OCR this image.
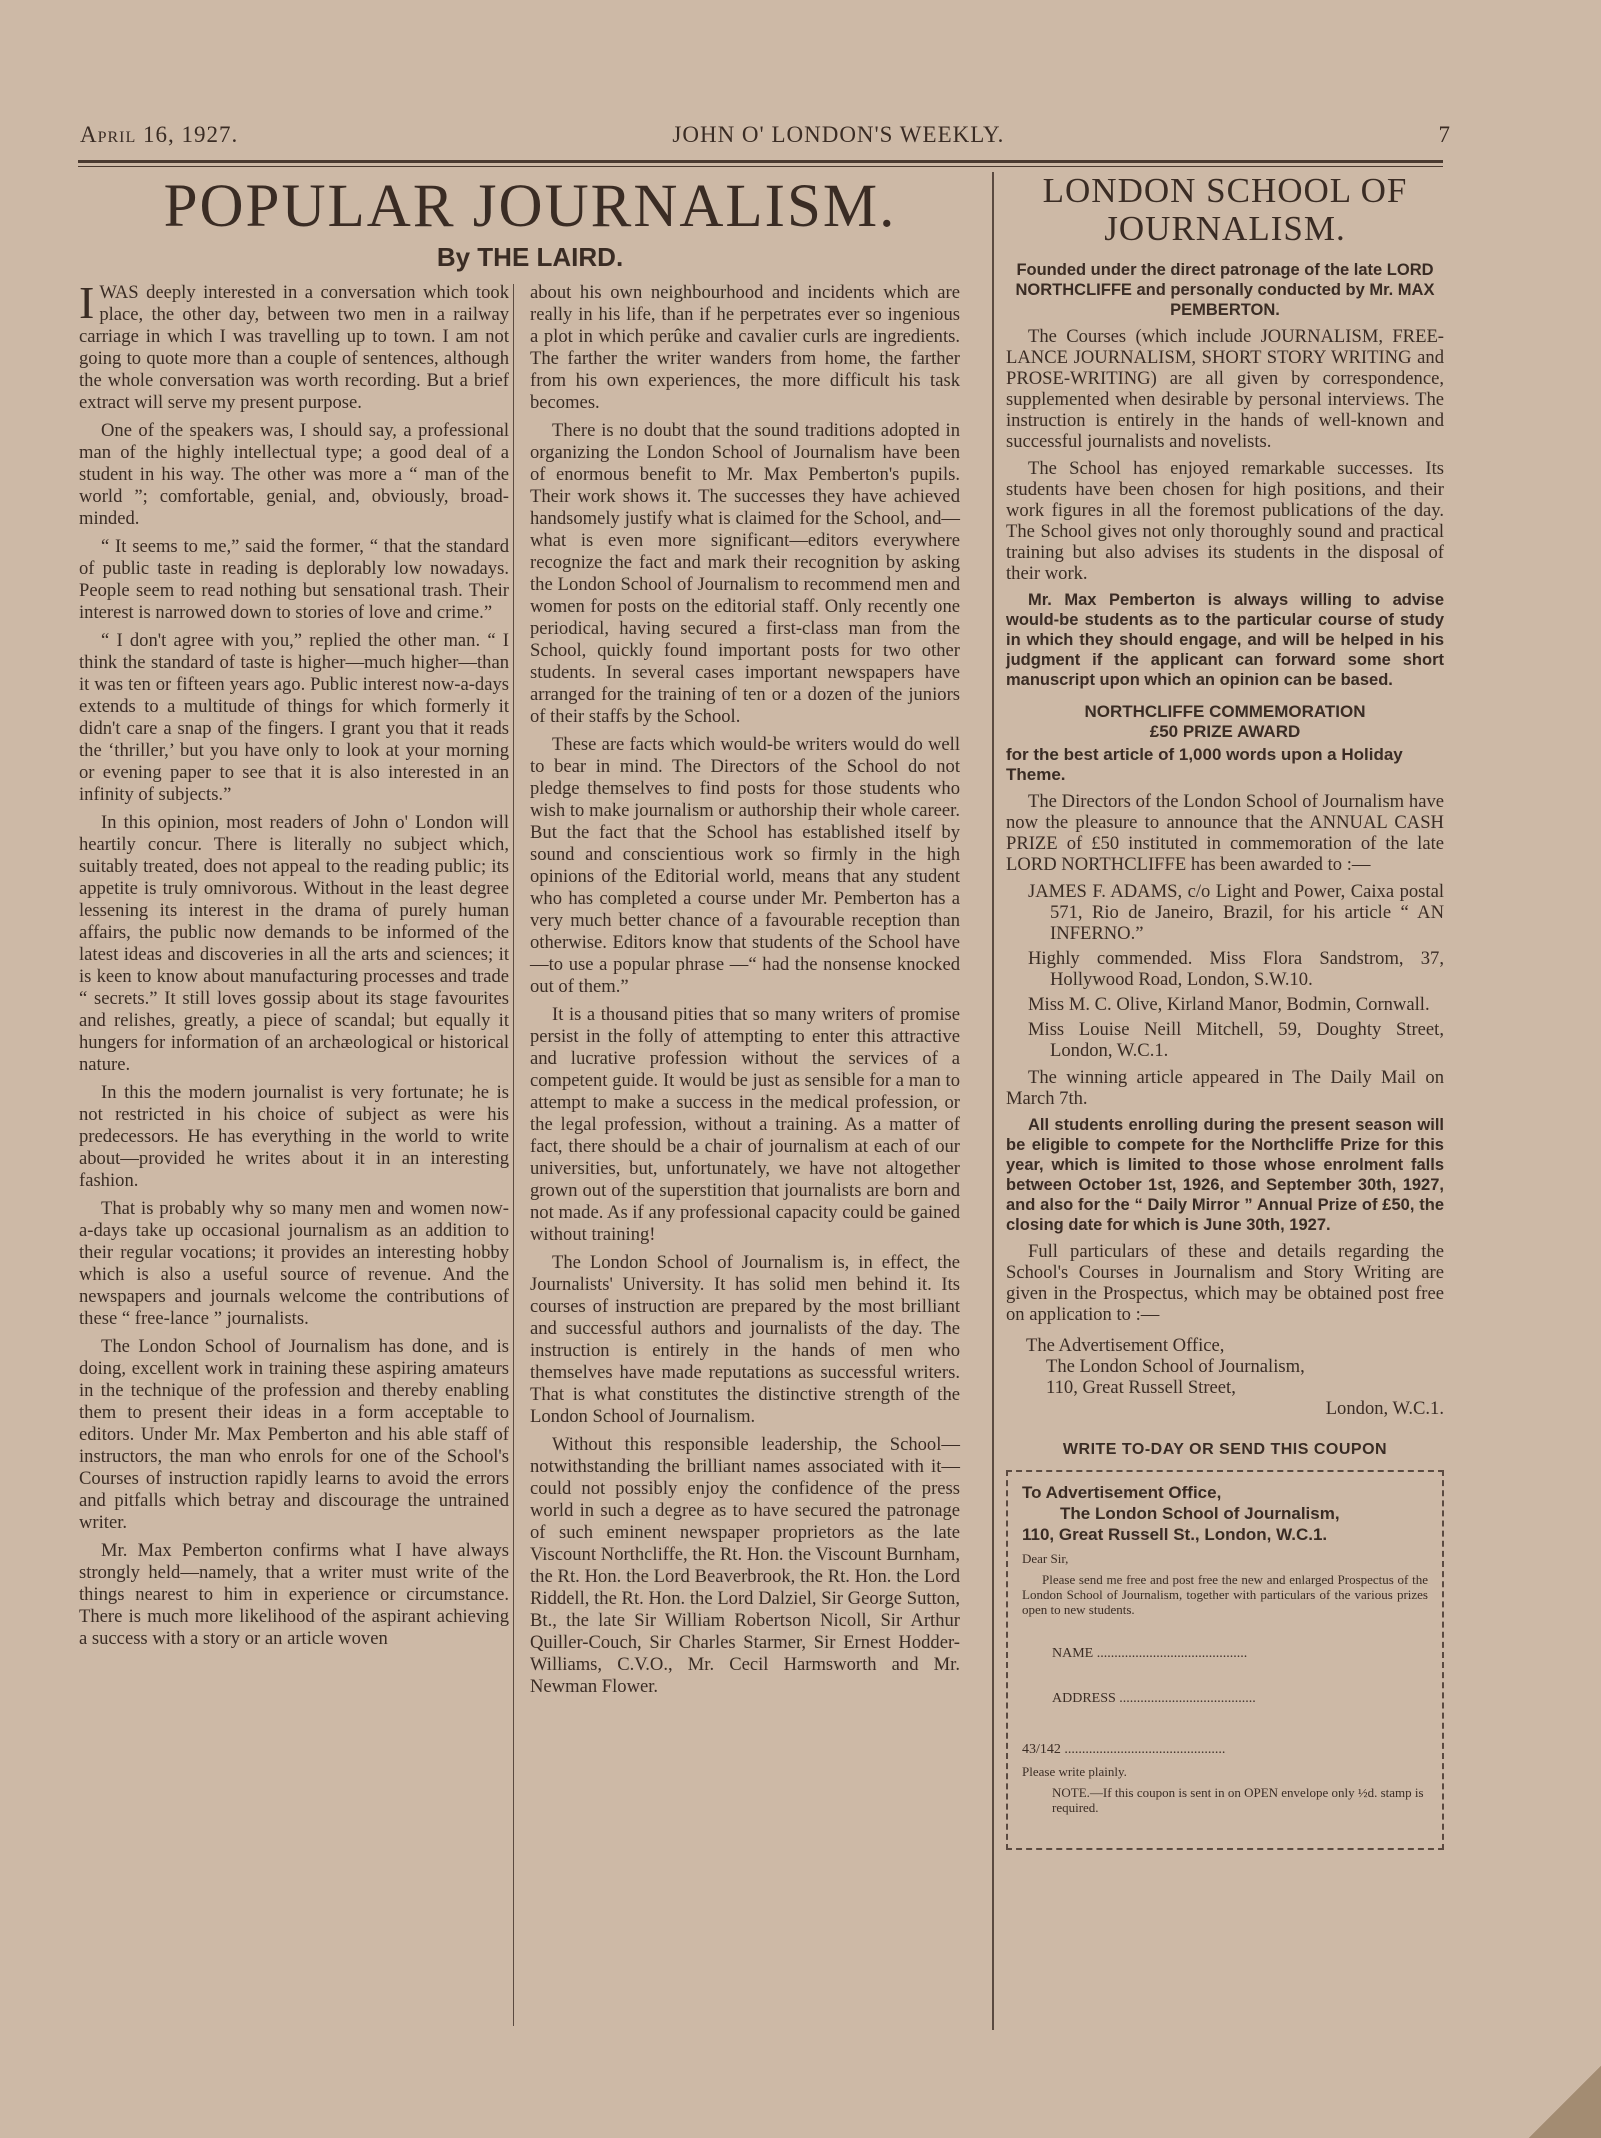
April 16, 1927.	JOHN O' LONDON'S WEEKLY.	7
POPULAR JOURNALISM.
By THE LAIRD.

IWAS deeply interested in a conversation which took place, the other day, between two men in a railway carriage in which I was travelling up to town. I am not going to quote more than a couple of sentences, although the whole conversation was worth recording. But a brief extract will serve my present purpose.

One of the speakers was, I should say, a professional man of the highly intellectual type; a good deal of a student in his way. The other was more a “ man of the world ”; comfortable, genial, and, obviously, broad-minded.

“ It seems to me,” said the former, “ that the standard of public taste in reading is deplorably low nowadays. People seem to read nothing but sensational trash. Their interest is narrowed down to stories of love and crime.”

“ I don't agree with you,” replied the other man. “ I think the standard of taste is higher—much higher—than it was ten or fifteen years ago. Public interest now-a-days extends to a multitude of things for which formerly it didn't care a snap of the fingers. I grant you that it reads the ‘thriller,’ but you have only to look at your morning or evening paper to see that it is also interested in an infinity of subjects.”

In this opinion, most readers of John o' London will heartily concur. There is literally no subject which, suitably treated, does not appeal to the reading public; its appetite is truly omnivorous. Without in the least degree lessening its interest in the drama of purely human affairs, the public now demands to be informed of the latest ideas and discoveries in all the arts and sciences; it is keen to know about manufacturing processes and trade “ secrets.” It still loves gossip about its stage favourites and relishes, greatly, a piece of scandal; but equally it hungers for information of an archæological or historical nature.

In this the modern journalist is very fortunate; he is not restricted in his choice of subject as were his predecessors. He has everything in the world to write about—provided he writes about it in an interesting fashion.

That is probably why so many men and women now-a-days take up occasional journalism as an addition to their regular vocations; it provides an interesting hobby which is also a useful source of revenue. And the newspapers and journals welcome the contributions of these “ free-lance ” journalists.

The London School of Journalism has done, and is doing, excellent work in training these aspiring amateurs in the technique of the profession and thereby enabling them to present their ideas in a form acceptable to editors. Under Mr. Max Pemberton and his able staff of instructors, the man who enrols for one of the School's Courses of instruction rapidly learns to avoid the errors and pitfalls which betray and discourage the untrained writer.

Mr. Max Pemberton confirms what I have always strongly held—namely, that a writer must write of the things nearest to him in experience or circumstance. There is much more likelihood of the aspirant achieving a success with a story or an article woven

about his own neighbourhood and incidents which are really in his life, than if he perpetrates ever so ingenious a plot in which perûke and cavalier curls are ingredients. The farther the writer wanders from home, the farther from his own experiences, the more difficult his task becomes.

There is no doubt that the sound traditions adopted in organizing the London School of Journalism have been of enormous benefit to Mr. Max Pemberton's pupils. Their work shows it. The successes they have achieved handsomely justify what is claimed for the School, and—what is even more significant—editors everywhere recognize the fact and mark their recognition by asking the London School of Journalism to recommend men and women for posts on the editorial staff. Only recently one periodical, having secured a first-class man from the School, quickly found important posts for two other students. In several cases important newspapers have arranged for the training of ten or a dozen of the juniors of their staffs by the School.

These are facts which would-be writers would do well to bear in mind. The Directors of the School do not pledge themselves to find posts for those students who wish to make journalism or authorship their whole career. But the fact that the School has established itself by sound and conscientious work so firmly in the high opinions of the Editorial world, means that any student who has completed a course under Mr. Pemberton has a very much better chance of a favourable reception than otherwise. Editors know that students of the School have—to use a popular phrase —“ had the nonsense knocked out of them.”

It is a thousand pities that so many writers of promise persist in the folly of attempting to enter this attractive and lucrative profession without the services of a competent guide. It would be just as sensible for a man to attempt to make a success in the medical profession, or the legal profession, without a training. As a matter of fact, there should be a chair of journalism at each of our universities, but, unfortunately, we have not altogether grown out of the superstition that journalists are born and not made. As if any professional capacity could be gained without training!

The London School of Journalism is, in effect, the Journalists' University. It has solid men behind it. Its courses of instruction are prepared by the most brilliant and successful authors and journalists of the day. The instruction is entirely in the hands of men who themselves have made reputations as successful writers. That is what constitutes the distinctive strength of the London School of Journalism.

Without this responsible leadership, the School—notwithstanding the brilliant names associated with it—could not possibly enjoy the confidence of the press world in such a degree as to have secured the patronage of such eminent newspaper proprietors as the late Viscount Northcliffe, the Rt. Hon. the Viscount Burnham, the Rt. Hon. the Lord Beaverbrook, the Rt. Hon. the Lord Riddell, the Rt. Hon. the Lord Dalziel, Sir George Sutton, Bt., the late Sir William Robertson Nicoll, Sir Arthur Quiller-Couch, Sir Charles Starmer, Sir Ernest Hodder-Williams, C.V.O., Mr. Cecil Harmsworth and Mr. Newman Flower.

LONDON SCHOOL OF
JOURNALISM.
Founded under the direct patronage of the late LORD NORTHCLIFFE and personally conducted by Mr. MAX PEMBERTON.

The Courses (which include JOURNALISM, FREE-LANCE JOURNALISM, SHORT STORY WRITING and PROSE-WRITING) are all given by correspondence, supplemented when desirable by personal interviews. The instruction is entirely in the hands of well-known and successful journalists and novelists.

The School has enjoyed remarkable successes. Its students have been chosen for high positions, and their work figures in all the foremost publications of the day. The School gives not only thoroughly sound and practical training but also advises its students in the disposal of their work.

Mr. Max Pemberton is always willing to advise would-be students as to the particular course of study in which they should engage, and will be helped in his judgment if the applicant can forward some short manuscript upon which an opinion can be based.

NORTHCLIFFE COMMEMORATION
£50 PRIZE AWARD
for the best article of 1,000 words upon a Holiday Theme.

The Directors of the London School of Journalism have now the pleasure to announce that the ANNUAL CASH PRIZE of £50 instituted in commemoration of the late LORD NORTHCLIFFE has been awarded to :—

JAMES F. ADAMS, c/o Light and Power, Caixa postal 571, Rio de Janeiro, Brazil, for his article “ AN INFERNO.”

Highly commended. Miss Flora Sandstrom, 37, Hollywood Road, London, S.W.10.

Miss M. C. Olive, Kirland Manor, Bodmin, Cornwall.

Miss Louise Neill Mitchell, 59, Doughty Street, London, W.C.1.

The winning article appeared in The Daily Mail on March 7th.

All students enrolling during the present season will be eligible to compete for the Northcliffe Prize for this year, which is limited to those whose enrolment falls between October 1st, 1926, and September 30th, 1927, and also for the “ Daily Mirror ” Annual Prize of £50, the closing date for which is June 30th, 1927.

Full particulars of these and details regarding the School's Courses in Journalism and Story Writing are given in the Prospectus, which may be obtained post free on application to :—

The Advertisement Office,
The London School of Journalism,
110, Great Russell Street,
London, W.C.1.
WRITE TO-DAY OR SEND THIS COUPON
To Advertisement Office,
The London School of Journalism,
110, Great Russell St., London, W.C.1.
Dear Sir,
Please send me free and post free the new and enlarged Prospectus of the London School of Journalism, together with particulars of the various prizes open to new students.
NAME ...........................................
ADDRESS .......................................
43/142 ..............................................
Please write plainly.
NOTE.—If this coupon is sent in on OPEN envelope only ½d. stamp is required.
